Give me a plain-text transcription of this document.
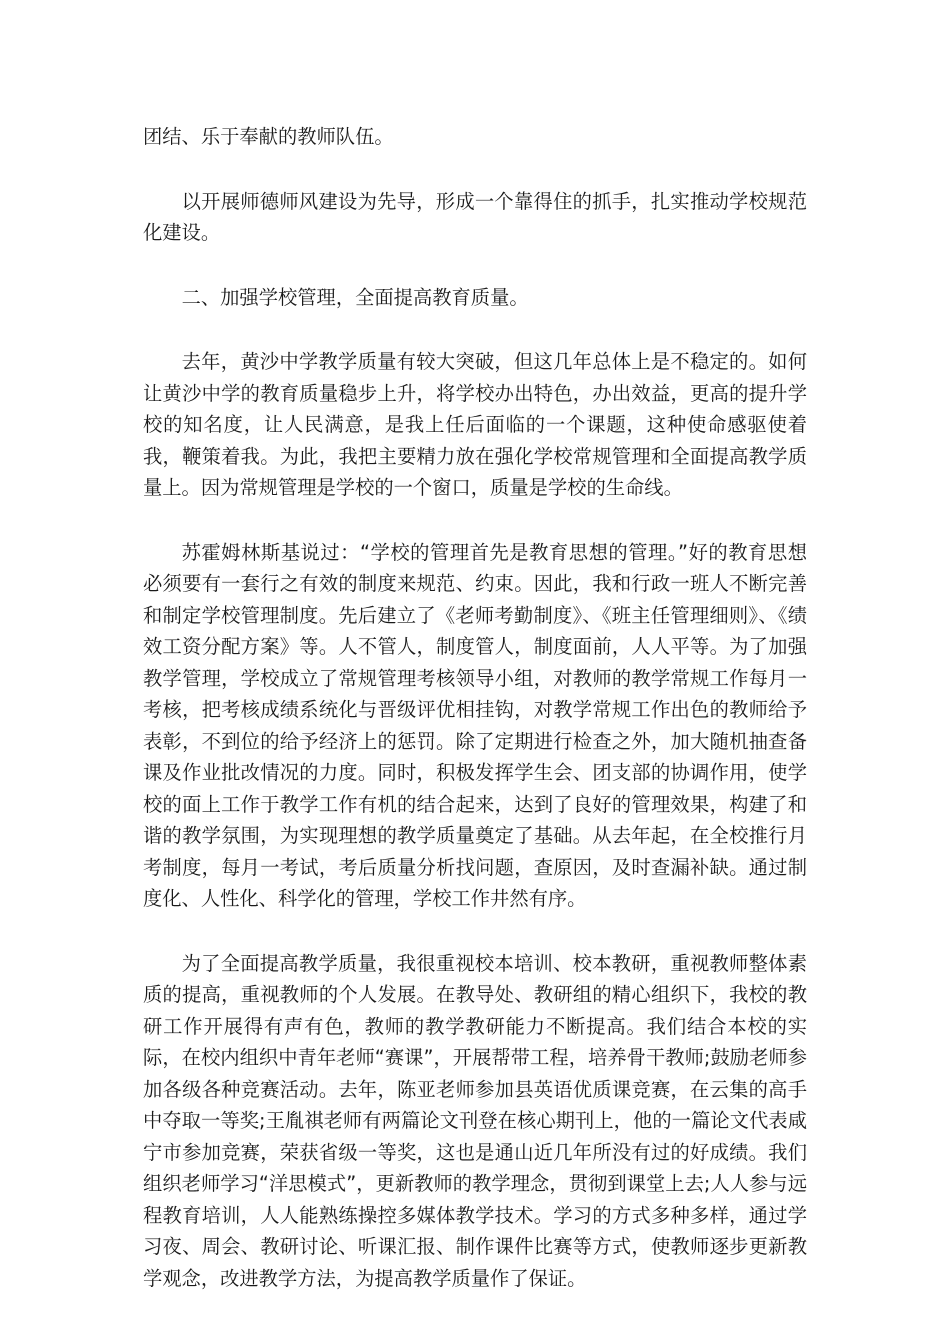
团结、乐于奉献的教师队伍。

以开展师德师风建设为先导，形成一个靠得住的抓手，扎实推动学校规范化建设。

二、加强学校管理，全面提高教育质量。

去年，黄沙中学教学质量有较大突破，但这几年总体上是不稳定的。如何让黄沙中学的教育质量稳步上升，将学校办出特色，办出效益，更高的提升学校的知名度，让人民满意，是我上任后面临的一个课题，这种使命感驱使着我，鞭策着我。为此，我把主要精力放在强化学校常规管理和全面提高教学质量上。因为常规管理是学校的一个窗口，质量是学校的生命线。

苏霍姆林斯基说过：“学校的管理首先是教育思想的管理。”好的教育思想必须要有一套行之有效的制度来规范、约束。因此，我和行政一班人不断完善和制定学校管理制度。先后建立了《老师考勤制度》、《班主任管理细则》、《绩效工资分配方案》等。人不管人，制度管人，制度面前，人人平等。为了加强教学管理，学校成立了常规管理考核领导小组，对教师的教学常规工作每月一考核，把考核成绩系统化与晋级评优相挂钩，对教学常规工作出色的教师给予表彰，不到位的给予经济上的惩罚。除了定期进行检查之外，加大随机抽查备课及作业批改情况的力度。同时，积极发挥学生会、团支部的协调作用，使学校的面上工作于教学工作有机的结合起来，达到了良好的管理效果，构建了和谐的教学氛围，为实现理想的教学质量奠定了基础。从去年起，在全校推行月考制度，每月一考试，考后质量分析找问题，查原因，及时查漏补缺。通过制度化、人性化、科学化的管理，学校工作井然有序。

为了全面提高教学质量，我很重视校本培训、校本教研，重视教师整体素质的提高，重视教师的个人发展。在教导处、教研组的精心组织下，我校的教研工作开展得有声有色，教师的教学教研能力不断提高。我们结合本校的实际，在校内组织中青年老师“赛课”，开展帮带工程，培养骨干教师;鼓励老师参加各级各种竞赛活动。去年，陈亚老师参加县英语优质课竞赛，在云集的高手中夺取一等奖;王胤祺老师有两篇论文刊登在核心期刊上，他的一篇论文代表咸宁市参加竞赛，荣获省级一等奖，这也是通山近几年所没有过的好成绩。我们组织老师学习“洋思模式”，更新教师的教学理念，贯彻到课堂上去;人人参与远程教育培训，人人能熟练操控多媒体教学技术。学习的方式多种多样，通过学习夜、周会、教研讨论、听课汇报、制作课件比赛等方式，使教师逐步更新教学观念，改进教学方法，为提高教学质量作了保证。
